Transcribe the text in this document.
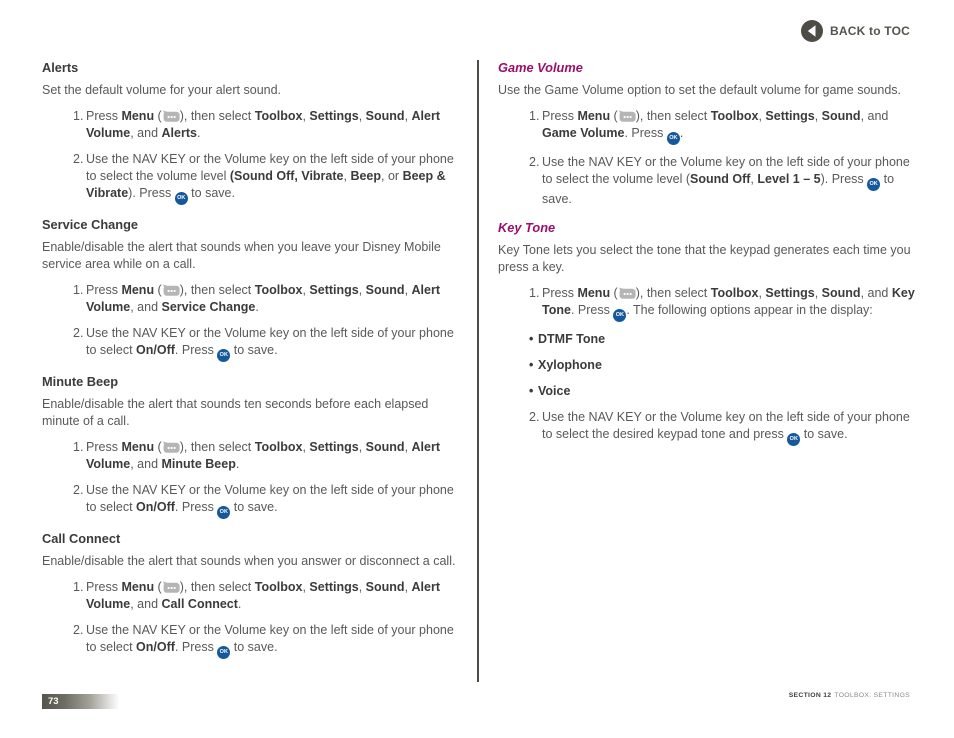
BACK to TOC
Alerts

Set the default volume for your alert sound.

1. Press Menu ( ), then select Toolbox, Settings, Sound, Alert Volume, and Alerts.
2. Use the NAV KEY or the Volume key on the left side of your phone to select the volume level (Sound Off, Vibrate, Beep, or Beep & Vibrate). Press OK to save.
Service Change

Enable/disable the alert that sounds when you leave your Disney Mobile service area while on a call.

1. Press Menu ( ), then select Toolbox, Settings, Sound, Alert Volume, and Service Change.
2. Use the NAV KEY or the Volume key on the left side of your phone to select On/Off. Press OK to save.
Minute Beep

Enable/disable the alert that sounds ten seconds before each elapsed minute of a call.

1. Press Menu ( ), then select Toolbox, Settings, Sound, Alert Volume, and Minute Beep.
2. Use the NAV KEY or the Volume key on the left side of your phone to select On/Off. Press OK to save.
Call Connect

Enable/disable the alert that sounds when you answer or disconnect a call.

1. Press Menu ( ), then select Toolbox, Settings, Sound, Alert Volume, and Call Connect.
2. Use the NAV KEY or the Volume key on the left side of your phone to select On/Off. Press OK to save.
Game Volume

Use the Game Volume option to set the default volume for game sounds.

1. Press Menu ( ), then select Toolbox, Settings, Sound, and Game Volume. Press OK .
2. Use the NAV KEY or the Volume key on the left side of your phone to select the volume level (Sound Off, Level 1 – 5). Press OK to save.
Key Tone

Key Tone lets you select the tone that the keypad generates each time you press a key.

1. Press Menu ( ), then select Toolbox, Settings, Sound, and Key Tone. Press OK . The following options appear in the display:
• DTMF Tone
• Xylophone
• Voice
2. Use the NAV KEY or the Volume key on the left side of your phone to select the desired keypad tone and press OK to save.
73
SECTION 12 TOOLBOX: SETTINGS
